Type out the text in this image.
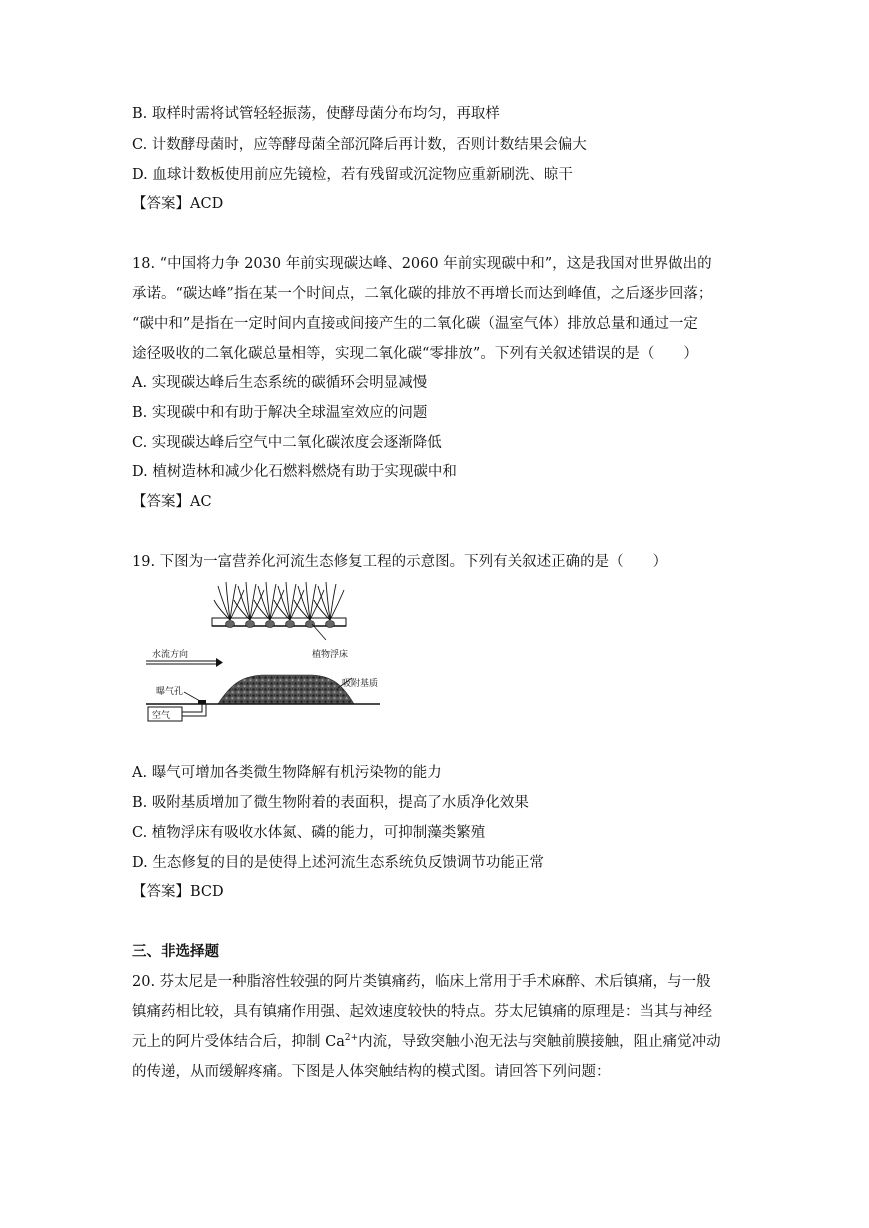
B. 取样时需将试管轻轻振荡，使酵母菌分布均匀，再取样
C. 计数酵母菌时，应等酵母菌全部沉降后再计数，否则计数结果会偏大
D. 血球计数板使用前应先镜检，若有残留或沉淀物应重新刷洗、晾干
【答案】ACD
18. “中国将力争 2030 年前实现碳达峰、2060 年前实现碳中和”，这是我国对世界做出的
承诺。“碳达峰”指在某一个时间点，二氧化碳的排放不再增长而达到峰值，之后逐步回落；
“碳中和”是指在一定时间内直接或间接产生的二氧化碳（温室气体）排放总量和通过一定
途径吸收的二氧化碳总量相等，实现二氧化碳“零排放”。下列有关叙述错误的是（　　）
A. 实现碳达峰后生态系统的碳循环会明显减慢
B. 实现碳中和有助于解决全球温室效应的问题
C. 实现碳达峰后空气中二氧化碳浓度会逐渐降低
D. 植树造林和减少化石燃料燃烧有助于实现碳中和
【答案】AC
19. 下图为一富营养化河流生态修复工程的示意图。下列有关叙述正确的是（　　）
植物浮床
水流方向
吸附基质
曝气孔
空气
A. 曝气可增加各类微生物降解有机污染物的能力
B. 吸附基质增加了微生物附着的表面积，提高了水质净化效果
C. 植物浮床有吸收水体氮、磷的能力，可抑制藻类繁殖
D. 生态修复的目的是使得上述河流生态系统负反馈调节功能正常
【答案】BCD
三、非选择题
20. 芬太尼是一种脂溶性较强的阿片类镇痛药，临床上常用于手术麻醉、术后镇痛，与一般
镇痛药相比较，具有镇痛作用强、起效速度较快的特点。芬太尼镇痛的原理是：当其与神经
元上的阿片受体结合后，抑制 $Ca^{2+}$内流，导致突触小泡无法与突触前膜接触，阻止痛觉冲动
的传递，从而缓解疼痛。下图是人体突触结构的模式图。请回答下列问题：
